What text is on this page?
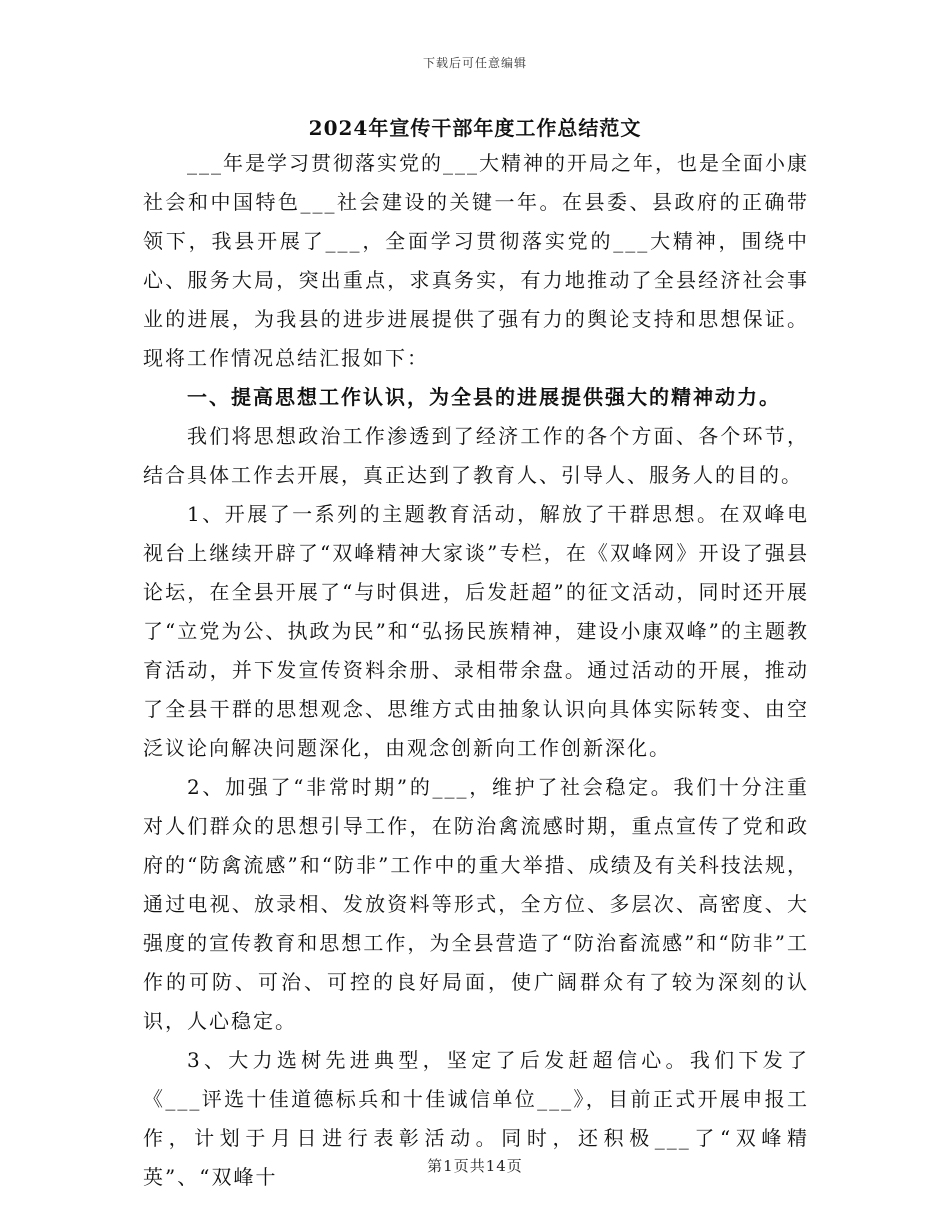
下载后可任意编辑
2024年宣传干部年度工作总结范文

___年是学习贯彻落实党的___大精神的开局之年，也是全面小康社会和中国特色___社会建设的关键一年。在县委、县政府的正确带领下，我县开展了___，全面学习贯彻落实党的___大精神，围绕中心、服务大局，突出重点，求真务实，有力地推动了全县经济社会事业的进展，为我县的进步进展提供了强有力的舆论支持和思想保证。现将工作情况总结汇报如下：

一、提高思想工作认识，为全县的进展提供强大的精神动力。

我们将思想政治工作渗透到了经济工作的各个方面、各个环节，结合具体工作去开展，真正达到了教育人、引导人、服务人的目的。

1、开展了一系列的主题教育活动，解放了干群思想。在双峰电视台上继续开辟了“双峰精神大家谈”专栏，在《双峰网》开设了强县论坛，在全县开展了“与时俱进，后发赶超”的征文活动，同时还开展了“立党为公、执政为民”和“弘扬民族精神，建设小康双峰”的主题教育活动，并下发宣传资料余册、录相带余盘。通过活动的开展，推动了全县干群的思想观念、思维方式由抽象认识向具体实际转变、由空泛议论向解决问题深化，由观念创新向工作创新深化。

2、加强了“非常时期”的___，维护了社会稳定。我们十分注重对人们群众的思想引导工作，在防治禽流感时期，重点宣传了党和政府的“防禽流感”和“防非”工作中的重大举措、成绩及有关科技法规，通过电视、放录相、发放资料等形式，全方位、多层次、高密度、大强度的宣传教育和思想工作，为全县营造了“防治畜流感”和“防非”工作的可防、可治、可控的良好局面，使广阔群众有了较为深刻的认识，人心稳定。

3、大力选树先进典型，坚定了后发赶超信心。我们下发了《___评选十佳道德标兵和十佳诚信单位___》，目前正式开展申报工作，计划于月日进行表彰活动。同时，还积极___了“双峰精英”、“双峰十	第1页共14页
